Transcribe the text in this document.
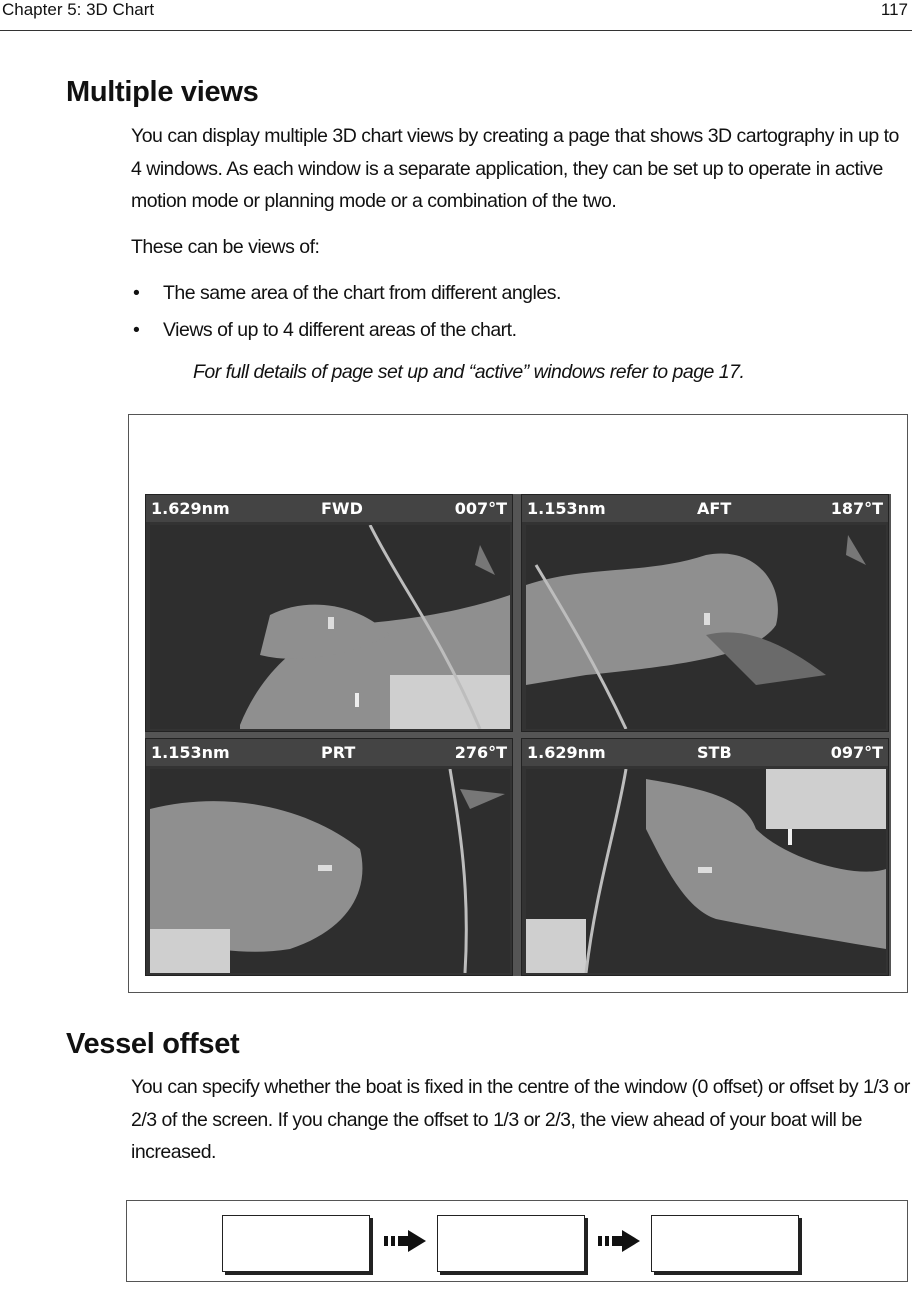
Chapter 5: 3D Chart	117
Multiple views
You can display multiple 3D chart views by creating a page that shows 3D cartography in up to 4 windows. As each window is a separate application, they can be set up to operate in active motion mode or planning mode or a combination of the two.
These can be views of:
• The same area of the chart from different angles.
• Views of up to 4 different areas of the chart.
For full details of page set up and “active” windows refer to page 17.
1.629nm	FWD	007°T 1.153nm	AFT	187°T
1.153nm	PRT	276°T 1.629nm	STB	097°T
Vessel offset
You can specify whether the boat is fixed in the centre of the window (0 offset) or offset by 1/3 or 2/3 of the screen. If you change the offset to 1/3 or 2/3, the view ahead of your boat will be increased.
